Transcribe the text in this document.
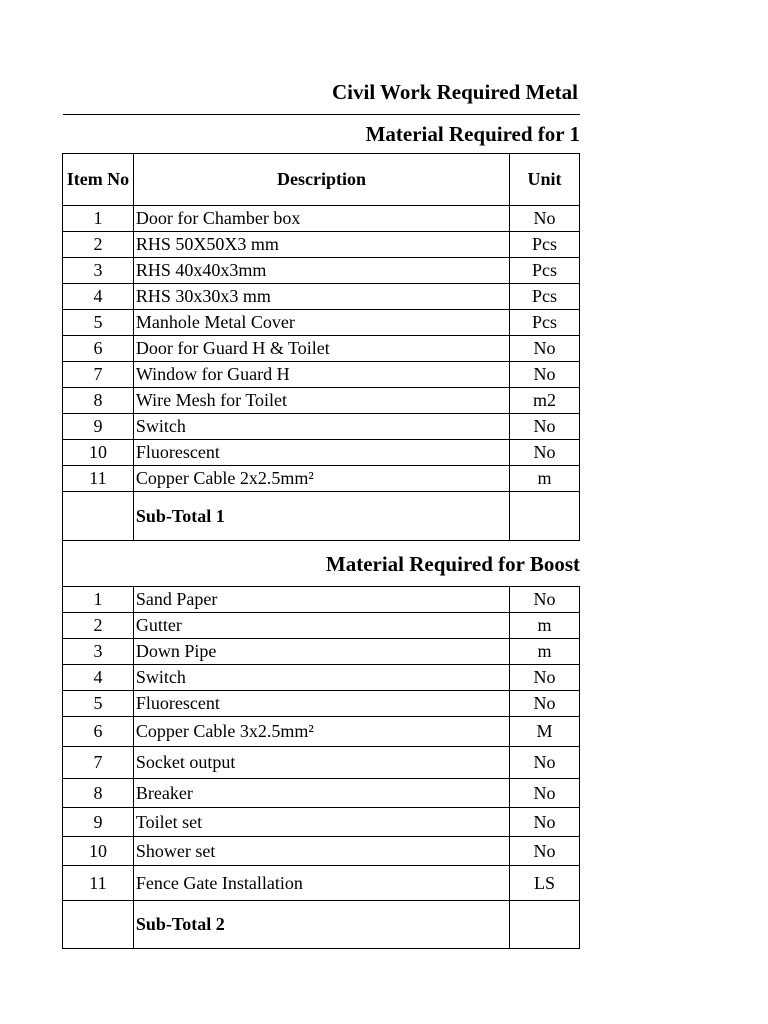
Civil Work Required Metal
Material Required for 1
Item No	Description	Unit
1	Door for Chamber box	No
2	RHS 50X50X3 mm	Pcs
3	RHS 40x40x3mm	Pcs
4	RHS 30x30x3 mm	Pcs
5	Manhole Metal Cover	Pcs
6	Door for Guard H & Toilet	No
7	Window for Guard H	No
8	Wire Mesh for Toilet	m2
9	Switch	No
10	Fluorescent	No
11	Copper Cable 2x2.5mm²	m
	Sub-Total 1	
Material Required for Boost
1	Sand Paper	No
2	Gutter	m
3	Down Pipe	m
4	Switch	No
5	Fluorescent	No
6	Copper Cable 3x2.5mm²	M
7	Socket output	No
8	Breaker	No
9	Toilet set	No
10	Shower set	No
11	Fence Gate Installation	LS
	Sub-Total 2	
